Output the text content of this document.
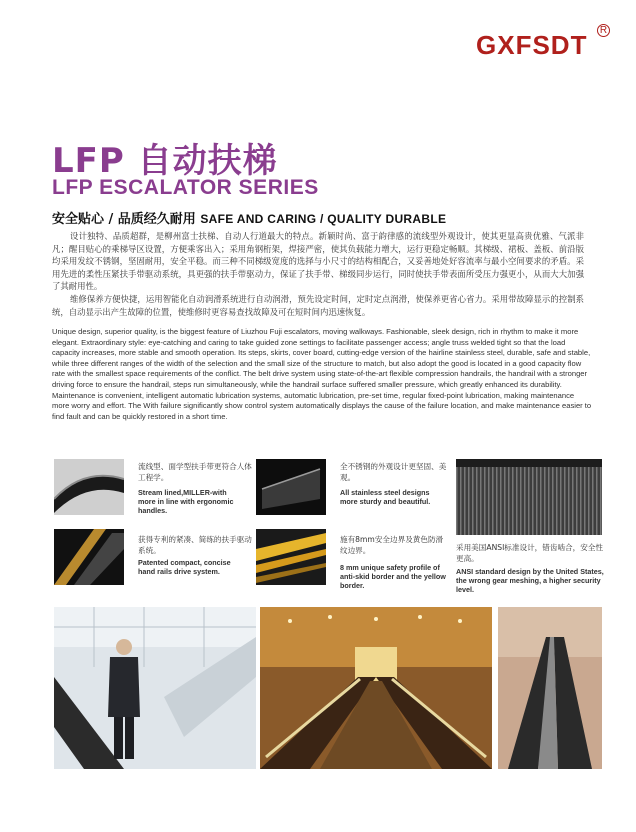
GXFSDT R
LFP 自动扶梯
LFP ESCALATOR SERIES
安全贴心 / 品质经久耐用 SAFE AND CARING / QUALITY DURABLE
设计独特、品质超群，是柳州富士扶梯、自动人行道最大的特点。新颖时尚、富于韵律感的流线型外观设计，使其更显高贵优雅、气派非凡；醒目贴心的乘梯导区设置，方便乘客出入；采用角钢桁架，焊接严密，使其负载能力增大，运行更稳定畅顺。其梯级、裙板、盖板、前沿版均采用发纹不锈钢，坚固耐用，安全平稳。而三种不同梯级宽度的选择与小尺寸的结构相配合，又妥善地处好容流率与最小空间要求的矛盾。采用先进的柔性压紧扶手带驱动系统，具更强的扶手带驱动力，保证了扶手带、梯级同步运行，同时使扶手带表面所受压力强更小，从而大大加强了其耐用性。
维修保养方便快捷，运用智能化自动润滑系统进行自动润滑，预先设定时间，定时定点润滑，使保养更省心省力。采用带故障显示的控制系统，自动显示出产生故障的位置，使维修时更容易查找故障及可在短时间内迅速恢复。
Unique design, superior quality, is the biggest feature of Liuzhou Fuji escalators, moving walkways. Fashionable, sleek design, rich in rhythm to make it more elegant. Extraordinary style: eye-catching and caring to take guided zone settings to facilitate passenger access; angle truss welded tight so that the load capacity increases, more stable and smooth operation. Its steps, skirts, cover board, cutting-edge version of the hairline stainless steel, durable, safe and stable, while three different ranges of the width of the selection and the small size of the structure to match, but also adopt the good is located in a good capacity flow rate with the smallest space requirements of the conflict. The belt drive system using state-of-the-art flexible compression handrails, the handrail with a stronger driving force to ensure the handrail, steps run simultaneously, while the handrail surface suffered smaller pressure, which greatly enhanced its durability. Maintenance is convenient, intelligent automatic lubrication systems, automatic lubrication, pre-set time, regular fixed-point lubrication, making maintenance more worry and effort. The With failure significantly show control system automatically displays the cause of the failure location, and make maintenance easier to find fault and can be quickly restored in a short time.
流线型、面学型扶手带更符合人体工程学。
Stream lined,MILLER-with more in line with ergonomic handles.
全不锈钢的外观设计更坚固、美观。
All stainless steel designs more sturdy and beautiful.
获得专利的紧凑、简练的扶手驱动系统。
Patented compact, concise hand rails drive system.
施有8mm安全边界及黄色防滑纹边界。
8 mm unique safety profile of anti-skid border and the yellow border.
采用美国ANSI标准设计，错齿啮合，安全性更高。
ANSI standard design by the United States, the wrong gear meshing, a higher security level.
